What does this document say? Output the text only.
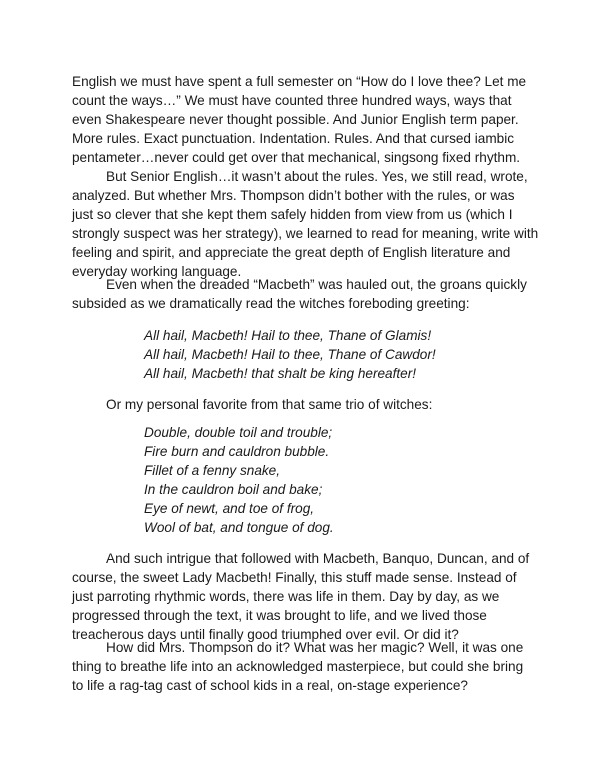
English we must have spent a full semester on “How do I love thee? Let me
count the ways…” We must have counted three hundred ways, ways that
even Shakespeare never thought possible. And Junior English term paper.
More rules. Exact punctuation. Indentation. Rules. And that cursed iambic
pentameter…never could get over that mechanical, singsong fixed rhythm.

But Senior English…it wasn’t about the rules. Yes, we still read, wrote,
analyzed. But whether Mrs. Thompson didn’t bother with the rules, or was
just so clever that she kept them safely hidden from view from us (which I
strongly suspect was her strategy), we learned to read for meaning, write with
feeling and spirit, and appreciate the great depth of English literature and
everyday working language.

Even when the dreaded “Macbeth” was hauled out, the groans quickly
subsided as we dramatically read the witches foreboding greeting:

All hail, Macbeth! Hail to thee, Thane of Glamis!
All hail, Macbeth! Hail to thee, Thane of Cawdor!
All hail, Macbeth! that shalt be king hereafter!

Or my personal favorite from that same trio of witches:

Double, double toil and trouble;
Fire burn and cauldron bubble.
Fillet of a fenny snake,
In the cauldron boil and bake;
Eye of newt, and toe of frog,
Wool of bat, and tongue of dog.

And such intrigue that followed with Macbeth, Banquo, Duncan, and of
course, the sweet Lady Macbeth! Finally, this stuff made sense. Instead of
just parroting rhythmic words, there was life in them. Day by day, as we
progressed through the text, it was brought to life, and we lived those
treacherous days until finally good triumphed over evil. Or did it?

How did Mrs. Thompson do it? What was her magic? Well, it was one
thing to breathe life into an acknowledged masterpiece, but could she bring
to life a rag-tag cast of school kids in a real, on-stage experience?
